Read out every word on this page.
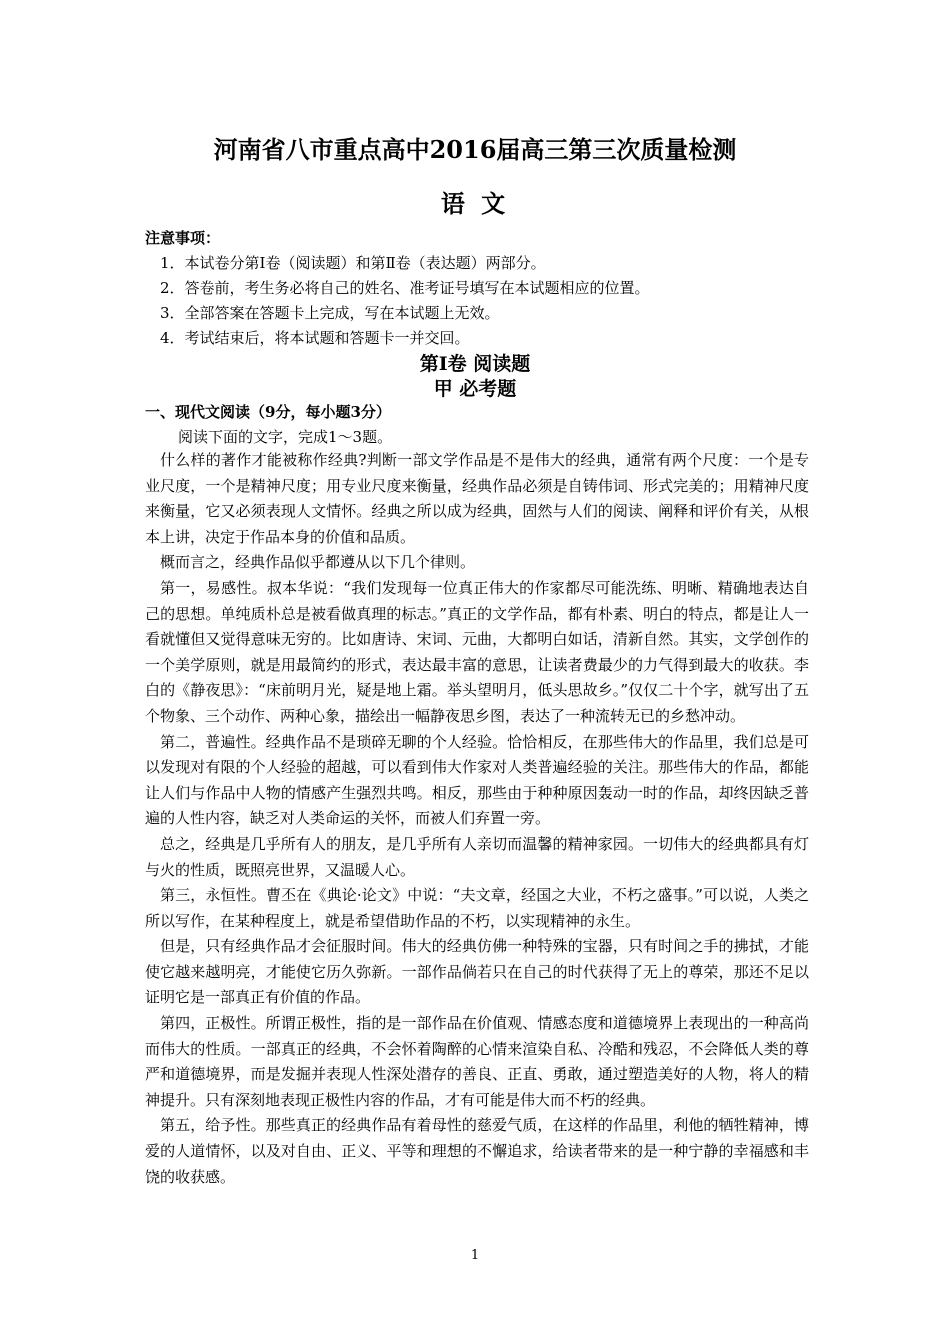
河南省八市重点高中2016届高三第三次质量检测
语 文
注意事项：
1．本试卷分第Ⅰ卷（阅读题）和第Ⅱ卷（表达题）两部分。
2．答卷前，考生务必将自己的姓名、准考证号填写在本试题相应的位置。
3．全部答案在答题卡上完成，写在本试题上无效。
4．考试结束后，将本试题和答题卡一并交回。
第Ⅰ卷 阅读题
甲 必考题
一、现代文阅读（9分，每小题3分）
阅读下面的文字，完成1～3题。

什么样的著作才能被称作经典?判断一部文学作品是不是伟大的经典，通常有两个尺度：一个是专业尺度，一个是精神尺度；用专业尺度来衡量，经典作品必须是自铸伟词、形式完美的；用精神尺度来衡量，它又必须表现人文情怀。经典之所以成为经典，固然与人们的阅读、阐释和评价有关，从根本上讲，决定于作品本身的价值和品质。

概而言之，经典作品似乎都遵从以下几个律则。

第一，易感性。叔本华说：“我们发现每一位真正伟大的作家都尽可能洗练、明晰、精确地表达自己的思想。单纯质朴总是被看做真理的标志。”真正的文学作品，都有朴素、明白的特点，都是让人一看就懂但又觉得意味无穷的。比如唐诗、宋词、元曲，大都明白如话，清新自然。其实，文学创作的一个美学原则，就是用最简约的形式，表达最丰富的意思，让读者费最少的力气得到最大的收获。李白的《静夜思》：“床前明月光，疑是地上霜。举头望明月，低头思故乡。”仅仅二十个字，就写出了五个物象、三个动作、两种心象，描绘出一幅静夜思乡图，表达了一种流转无已的乡愁冲动。

第二，普遍性。经典作品不是琐碎无聊的个人经验。恰恰相反，在那些伟大的作品里，我们总是可以发现对有限的个人经验的超越，可以看到伟大作家对人类普遍经验的关注。那些伟大的作品，都能让人们与作品中人物的情感产生强烈共鸣。相反，那些由于种种原因轰动一时的作品，却终因缺乏普遍的人性内容，缺乏对人类命运的关怀，而被人们弃置一旁。

总之，经典是几乎所有人的朋友，是几乎所有人亲切而温馨的精神家园。一切伟大的经典都具有灯与火的性质，既照亮世界，又温暖人心。

第三，永恒性。曹丕在《典论·论文》中说：“夫文章，经国之大业，不朽之盛事。”可以说，人类之所以写作，在某种程度上，就是希望借助作品的不朽，以实现精神的永生。

但是，只有经典作品才会征服时间。伟大的经典仿佛一种特殊的宝器，只有时间之手的拂拭，才能使它越来越明亮，才能使它历久弥新。一部作品倘若只在自己的时代获得了无上的尊荣，那还不足以证明它是一部真正有价值的作品。

第四，正极性。所谓正极性，指的是一部作品在价值观、情感态度和道德境界上表现出的一种高尚而伟大的性质。一部真正的经典，不会怀着陶醉的心情来渲染自私、冷酷和残忍，不会降低人类的尊严和道德境界，而是发掘并表现人性深处潜存的善良、正直、勇敢，通过塑造美好的人物，将人的精神提升。只有深刻地表现正极性内容的作品，才有可能是伟大而不朽的经典。

第五，给予性。那些真正的经典作品有着母性的慈爱气质，在这样的作品里，利他的牺牲精神，博爱的人道情怀，以及对自由、正义、平等和理想的不懈追求，给读者带来的是一种宁静的幸福感和丰饶的收获感。

1
